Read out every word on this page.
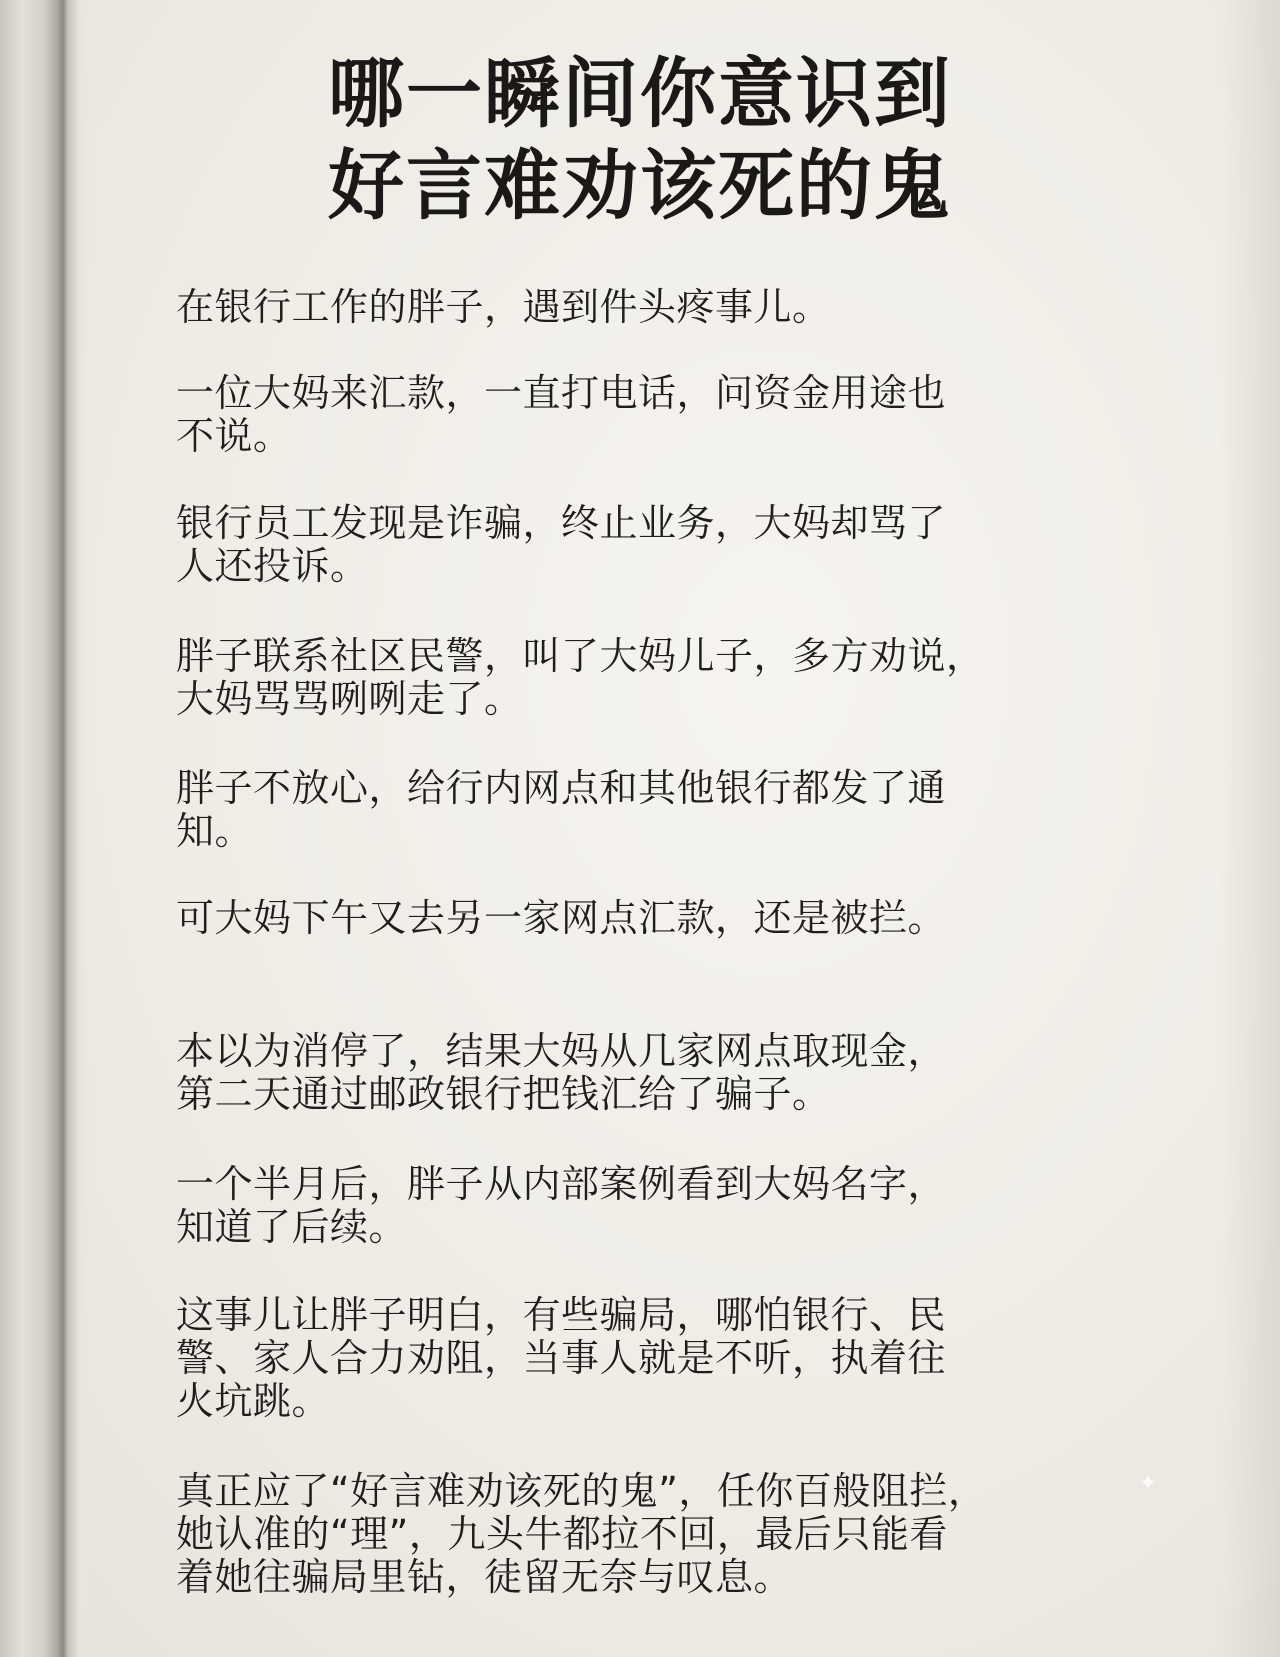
哪一瞬间你意识到
好言难劝该死的鬼
在银行工作的胖子，遇到件头疼事儿。
一位大妈来汇款，一直打电话，问资金用途也
不说。
银行员工发现是诈骗，终止业务，大妈却骂了
人还投诉。
胖子联系社区民警，叫了大妈儿子，多方劝说，
大妈骂骂咧咧走了。
胖子不放心，给行内网点和其他银行都发了通
知。
可大妈下午又去另一家网点汇款，还是被拦。
本以为消停了，结果大妈从几家网点取现金，
第二天通过邮政银行把钱汇给了骗子。
一个半月后，胖子从内部案例看到大妈名字，
知道了后续。
这事儿让胖子明白，有些骗局，哪怕银行、民
警、家人合力劝阻，当事人就是不听，执着往
火坑跳。
真正应了“好言难劝该死的鬼”，任你百般阻拦，
她认准的“理”，九头牛都拉不回，最后只能看
着她往骗局里钻，徒留无奈与叹息。
✦
